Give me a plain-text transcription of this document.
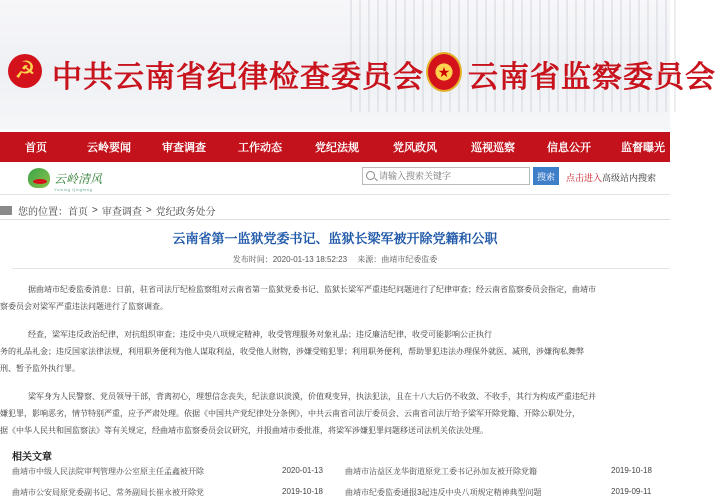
☭ 中共云南省纪律检查委员会 ★ 云南省监察委员会
首页	云岭要闻	审查调查	工作动态	党纪法规	党风政风	巡视巡察	信息公开	监督曝光
云岭清风
Yunling Qingfeng
请输入搜索关键字
搜索	点击进入高级站内搜索
您的位置： 首页 > 审查调查 > 党纪政务处分
云南省第一监狱党委书记、监狱长梁军被开除党籍和公职
发布时间：2020-01-13 18:52:23 来源：曲靖市纪委监委

据曲靖市纪委监委消息：日前，驻省司法厅纪检监察组对云南省第一监狱党委书记、监狱长梁军严重违纪问题进行了纪律审查；经云南省监察委员会指定，曲靖市
察委员会对梁军严重违法问题进行了监察调查。

经查，梁军违反政治纪律，对抗组织审查；违反中央八项规定精神，收受管理服务对象礼品；违反廉洁纪律，收受可能影响公正执行
务的礼品礼金；违反国家法律法规，利用职务便利为他人谋取利益，收受他人财物，涉嫌受贿犯罪；利用职务便利，帮助罪犯违法办理保外就医、减刑，涉嫌徇私舞弊
刑、暂予监外执行罪。

梁军身为人民警察、党员领导干部，背离初心，理想信念丧失，纪法意识淡漠，价值观变异，执法犯法，且在十八大后仍不收敛、不收手，其行为构成严重违纪并
嫌犯罪，影响恶劣，情节特别严重，应予严肃处理。依据《中国共产党纪律处分条例》，中共云南省司法厅委员会、云南省司法厅给予梁军开除党籍、开除公职处分，
据《中华人民共和国监察法》等有关规定，经曲靖市监察委员会议研究，并报曲靖市委批准，将梁军涉嫌犯罪问题移送司法机关依法处理。

相关文章
曲靖市中级人民法院审判管理办公室原主任孟鑫被开除	2020-01-13	曲靖市沾益区龙华街道原党工委书记孙加友被开除党籍	2019-10-18
曲靖市公安局原党委副书记、常务副局长崔永被开除党	2019-10-18	曲靖市纪委监委通报3起违反中央八项规定精神典型问题	2019-09-11
